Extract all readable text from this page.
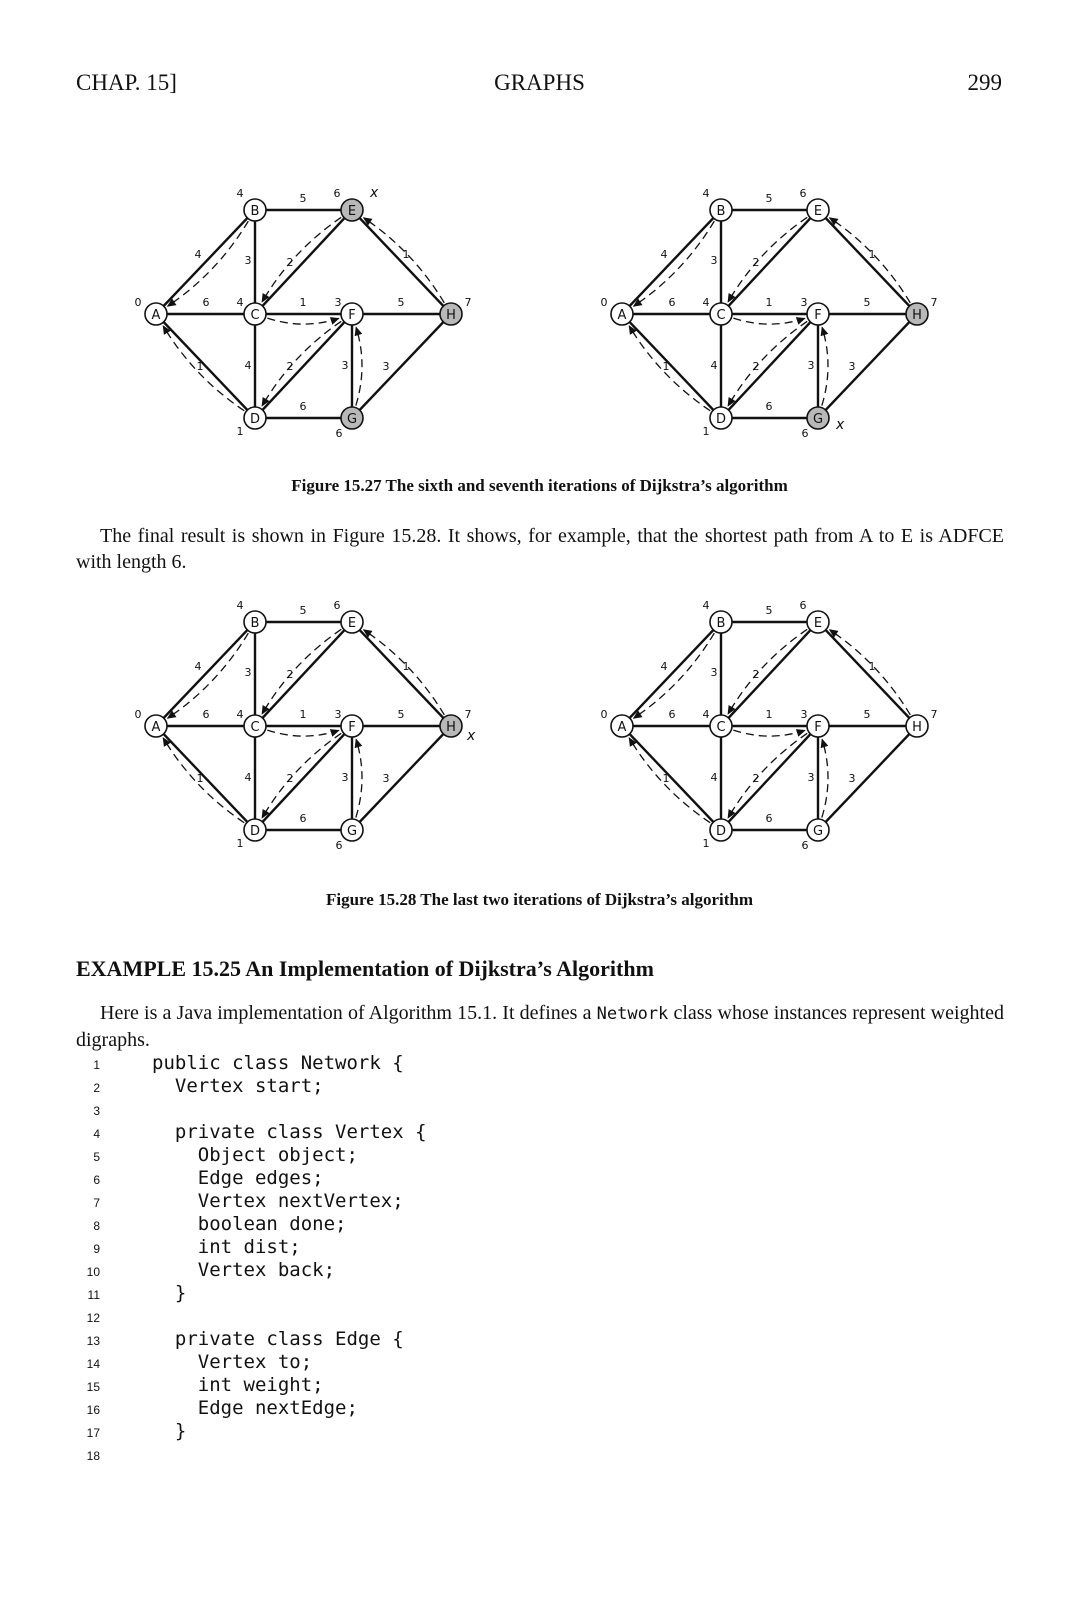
CHAP. 15]	GRAPHS	299
4
6
1
5
3	2
1
4	2
6
1
5
3	3
A
0
B
4
C
4
D
1
E
6
F
3
G
6
H
7
x
4
6
1
5
3	2
1
4	2
6
1
5
3	3
A
0
B
4
C
4
D
1
E
6
F
3
G
6
H
7
x
Figure 15.27 The sixth and seventh iterations of Dijkstra’s algorithm
The final result is shown in Figure 15.28. It shows, for example, that the shortest path from A to E is ADFCE with length 6.
4
6
1
5
3	2
1
4	2
6
1
5
3	3
A
0
B
4
C
4
D
1
E
6
F
3
G
6
H
7
x
4
6
1
5
3	2
1
4	2
6
1
5
3	3
A
0
B
4
C
4
D
1
E
6
F
3
G
6
H
7
Figure 15.28 The last two iterations of Dijkstra’s algorithm
EXAMPLE 15.25 An Implementation of Dijkstra’s Algorithm
Here is a Java implementation of Algorithm 15.1. It defines a Network class whose instances represent weighted digraphs.
1	public class Network {
2	Vertex start;
3
4	private class Vertex {
5	Object object;
6	Edge edges;
7	Vertex nextVertex;
8	boolean done;
9	int dist;
10	Vertex back;
11	}
12
13	private class Edge {
14	Vertex to;
15	int weight;
16	Edge nextEdge;
17	}
18
